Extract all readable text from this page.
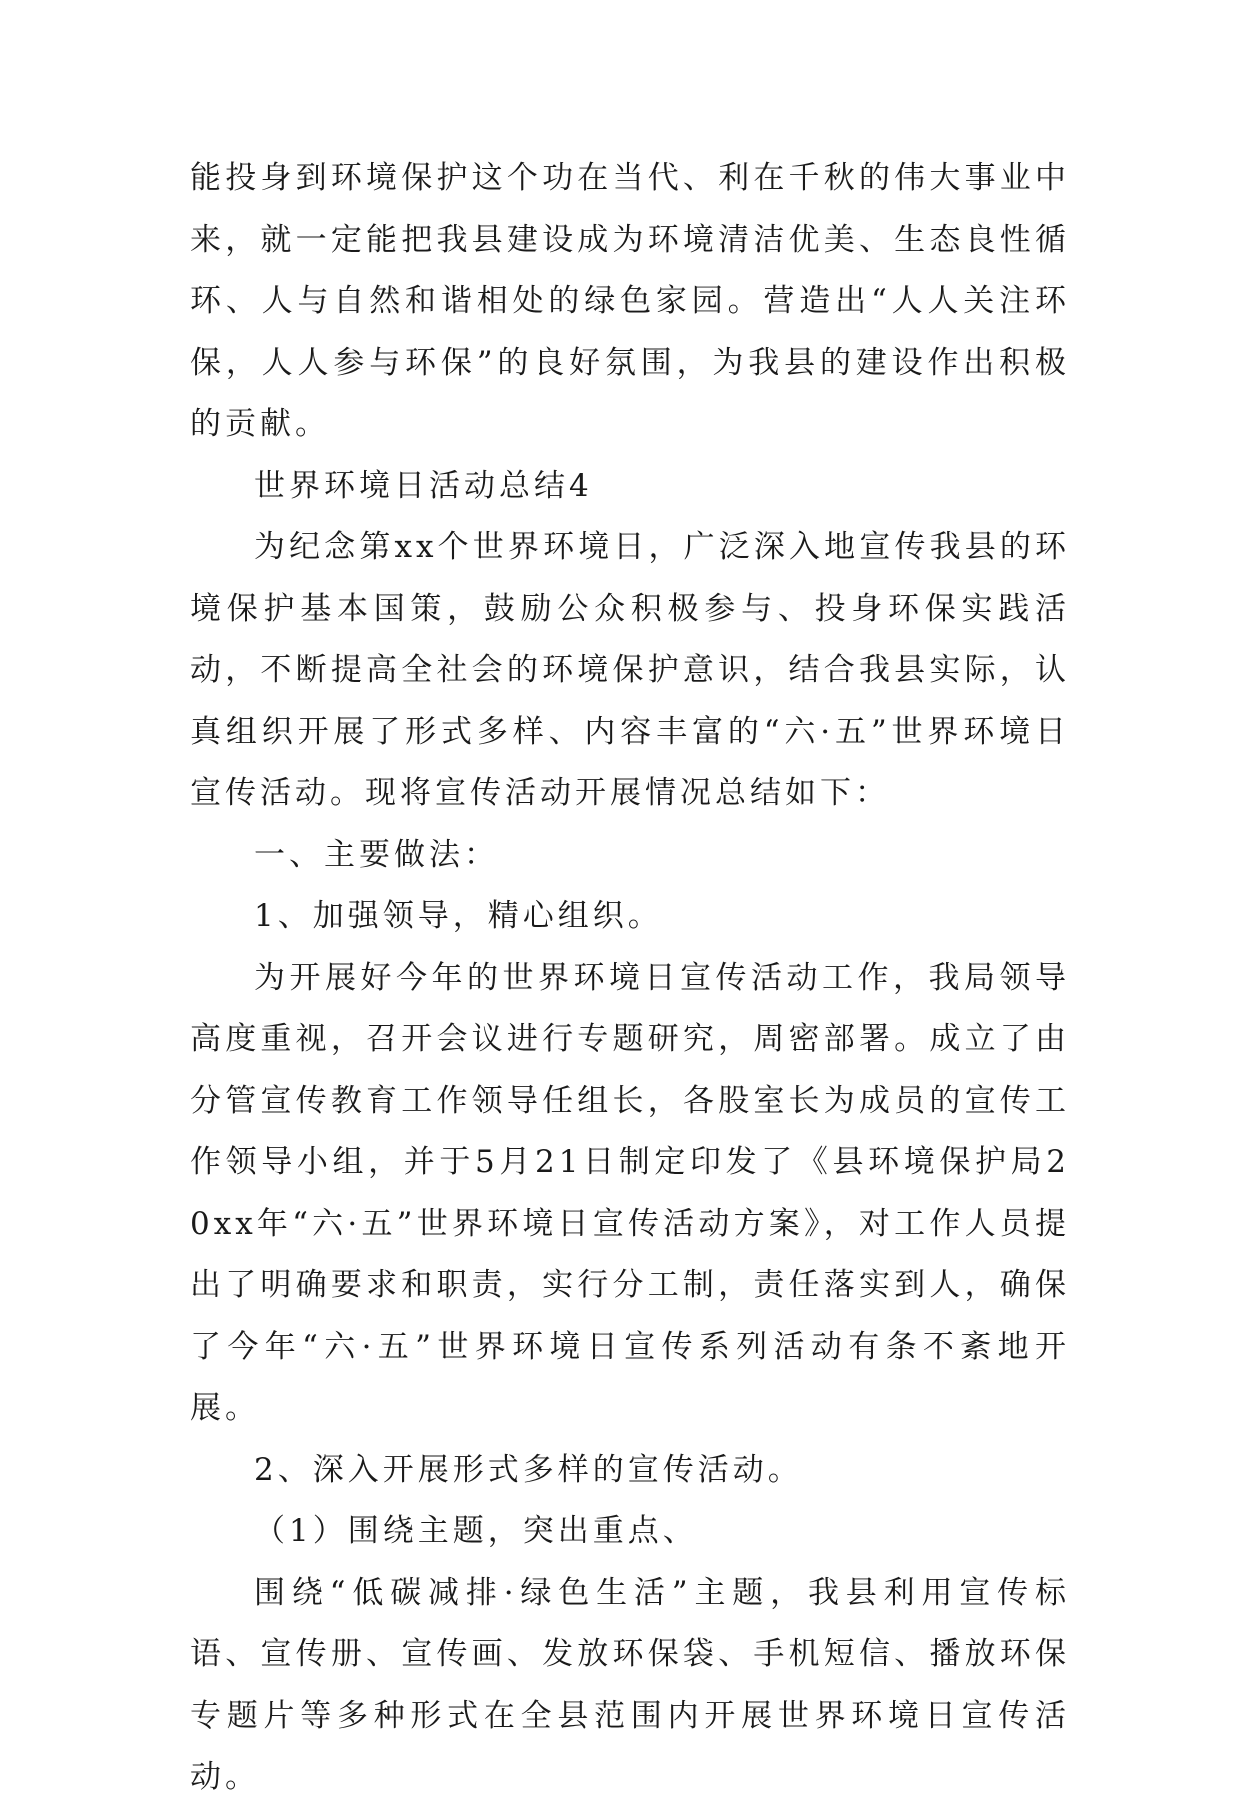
能投身到环境保护这个功在当代、利在千秋的伟大事业中来，就一定能把我县建设成为环境清洁优美、生态良性循环、人与自然和谐相处的绿色家园。营造出“人人关注环保，人人参与环保”的良好氛围，为我县的建设作出积极的贡献。

世界环境日活动总结4

为纪念第xx个世界环境日，广泛深入地宣传我县的环境保护基本国策，鼓励公众积极参与、投身环保实践活动，不断提高全社会的环境保护意识，结合我县实际，认真组织开展了形式多样、内容丰富的“六·五”世界环境日宣传活动。现将宣传活动开展情况总结如下：

一、主要做法：

1、加强领导，精心组织。

为开展好今年的世界环境日宣传活动工作，我局领导高度重视，召开会议进行专题研究，周密部署。成立了由分管宣传教育工作领导任组长，各股室长为成员的宣传工作领导小组，并于5月21日制定印发了《县环境保护局20xx年“六·五”世界环境日宣传活动方案》，对工作人员提出了明确要求和职责，实行分工制，责任落实到人，确保了今年“六·五”世界环境日宣传系列活动有条不紊地开展。

2、深入开展形式多样的宣传活动。

（1）围绕主题，突出重点、

围绕“低碳减排·绿色生活”主题，我县利用宣传标语、宣传册、宣传画、发放环保袋、手机短信、播放环保专题片等多种形式在全县范围内开展世界环境日宣传活动。
